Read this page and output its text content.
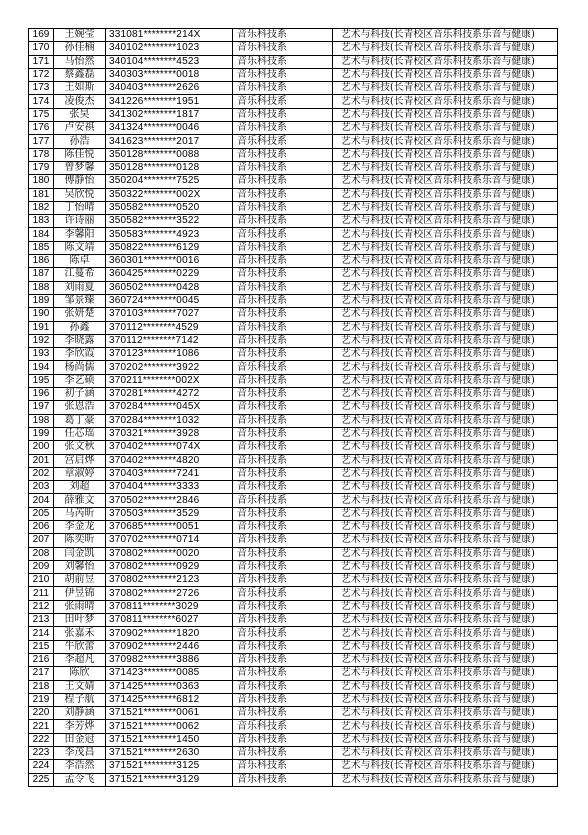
169	王婉莹	331081********214X	音乐科技系	艺术与科技(长青校区音乐科技系乐音与健康)
170	孙佳楠	340102********1023	音乐科技系	艺术与科技(长青校区音乐科技系乐音与健康)
171	马怡然	340104********4523	音乐科技系	艺术与科技(长青校区音乐科技系乐音与健康)
172	蔡鑫磊	340303********0018	音乐科技系	艺术与科技(长青校区音乐科技系乐音与健康)
173	王如斯	340403********2626	音乐科技系	艺术与科技(长青校区音乐科技系乐音与健康)
174	凌俊杰	341226********1951	音乐科技系	艺术与科技(长青校区音乐科技系乐音与健康)
175	张昊	341302********1817	音乐科技系	艺术与科技(长青校区音乐科技系乐音与健康)
176	卢安祺	341324********0046	音乐科技系	艺术与科技(长青校区音乐科技系乐音与健康)
177	孙浩	341623********2017	音乐科技系	艺术与科技(长青校区音乐科技系乐音与健康)
178	陈佳悦	350128********0088	音乐科技系	艺术与科技(长青校区音乐科技系乐音与健康)
179	曾梦馨	350128********0128	音乐科技系	艺术与科技(长青校区音乐科技系乐音与健康)
180	傅静怡	350204********7525	音乐科技系	艺术与科技(长青校区音乐科技系乐音与健康)
181	吴欣悦	350322********002X	音乐科技系	艺术与科技(长青校区音乐科技系乐音与健康)
182	丁怡晴	350582********0520	音乐科技系	艺术与科技(长青校区音乐科技系乐音与健康)
183	许诗丽	350582********3522	音乐科技系	艺术与科技(长青校区音乐科技系乐音与健康)
184	李馨阳	350583********4923	音乐科技系	艺术与科技(长青校区音乐科技系乐音与健康)
185	陈文靖	350822********6129	音乐科技系	艺术与科技(长青校区音乐科技系乐音与健康)
186	陈卓	360301********0016	音乐科技系	艺术与科技(长青校区音乐科技系乐音与健康)
187	江蔓希	360425********0229	音乐科技系	艺术与科技(长青校区音乐科技系乐音与健康)
188	刘雨夏	360502********0428	音乐科技系	艺术与科技(长青校区音乐科技系乐音与健康)
189	邹景臻	360724********0045	音乐科技系	艺术与科技(长青校区音乐科技系乐音与健康)
190	张妍楚	370103********7027	音乐科技系	艺术与科技(长青校区音乐科技系乐音与健康)
191	孙鑫	370112********4529	音乐科技系	艺术与科技(长青校区音乐科技系乐音与健康)
192	李晓露	370112********7142	音乐科技系	艺术与科技(长青校区音乐科技系乐音与健康)
193	李欣霞	370123********1086	音乐科技系	艺术与科技(长青校区音乐科技系乐音与健康)
194	杨尚儒	370202********3922	音乐科技系	艺术与科技(长青校区音乐科技系乐音与健康)
195	李艺硕	370211********002X	音乐科技系	艺术与科技(长青校区音乐科技系乐音与健康)
196	初子涵	370281********4272	音乐科技系	艺术与科技(长青校区音乐科技系乐音与健康)
197	张恩浩	370284********045X	音乐科技系	艺术与科技(长青校区音乐科技系乐音与健康)
198	葛丁豪	370284********1032	音乐科技系	艺术与科技(长青校区音乐科技系乐音与健康)
199	任芯瑶	370321********3928	音乐科技系	艺术与科技(长青校区音乐科技系乐音与健康)
200	张文秋	370402********074X	音乐科技系	艺术与科技(长青校区音乐科技系乐音与健康)
201	宫启烨	370402********4820	音乐科技系	艺术与科技(长青校区音乐科技系乐音与健康)
202	章淑婷	370403********7241	音乐科技系	艺术与科技(长青校区音乐科技系乐音与健康)
203	刘超	370404********3333	音乐科技系	艺术与科技(长青校区音乐科技系乐音与健康)
204	薛雅文	370502********2846	音乐科技系	艺术与科技(长青校区音乐科技系乐音与健康)
205	马芮昕	370503********3529	音乐科技系	艺术与科技(长青校区音乐科技系乐音与健康)
206	李金龙	370685********0051	音乐科技系	艺术与科技(长青校区音乐科技系乐音与健康)
207	陈奕昕	370702********0714	音乐科技系	艺术与科技(长青校区音乐科技系乐音与健康)
208	闫金凯	370802********0020	音乐科技系	艺术与科技(长青校区音乐科技系乐音与健康)
209	刘馨怡	370802********0929	音乐科技系	艺术与科技(长青校区音乐科技系乐音与健康)
210	胡前昱	370802********2123	音乐科技系	艺术与科技(长青校区音乐科技系乐音与健康)
211	伊昱锦	370802********2726	音乐科技系	艺术与科技(长青校区音乐科技系乐音与健康)
212	张雨晴	370811********3029	音乐科技系	艺术与科技(长青校区音乐科技系乐音与健康)
213	田叶梦	370811********6027	音乐科技系	艺术与科技(长青校区音乐科技系乐音与健康)
214	张嘉禾	370902********1820	音乐科技系	艺术与科技(长青校区音乐科技系乐音与健康)
215	牛欣蕾	370902********2446	音乐科技系	艺术与科技(长青校区音乐科技系乐音与健康)
216	李超凡	370982********3886	音乐科技系	艺术与科技(长青校区音乐科技系乐音与健康)
217	陈欣	371423********0085	音乐科技系	艺术与科技(长青校区音乐科技系乐音与健康)
218	王文婧	371425********0363	音乐科技系	艺术与科技(长青校区音乐科技系乐音与健康)
219	程子航	371425********6812	音乐科技系	艺术与科技(长青校区音乐科技系乐音与健康)
220	刘静涵	371521********0061	音乐科技系	艺术与科技(长青校区音乐科技系乐音与健康)
221	李芳烨	371521********0062	音乐科技系	艺术与科技(长青校区音乐科技系乐音与健康)
222	田金冠	371521********1450	音乐科技系	艺术与科技(长青校区音乐科技系乐音与健康)
223	李茂昌	371521********2630	音乐科技系	艺术与科技(长青校区音乐科技系乐音与健康)
224	李浩然	371521********3125	音乐科技系	艺术与科技(长青校区音乐科技系乐音与健康)
225	孟令飞	371521********3129	音乐科技系	艺术与科技(长青校区音乐科技系乐音与健康)
